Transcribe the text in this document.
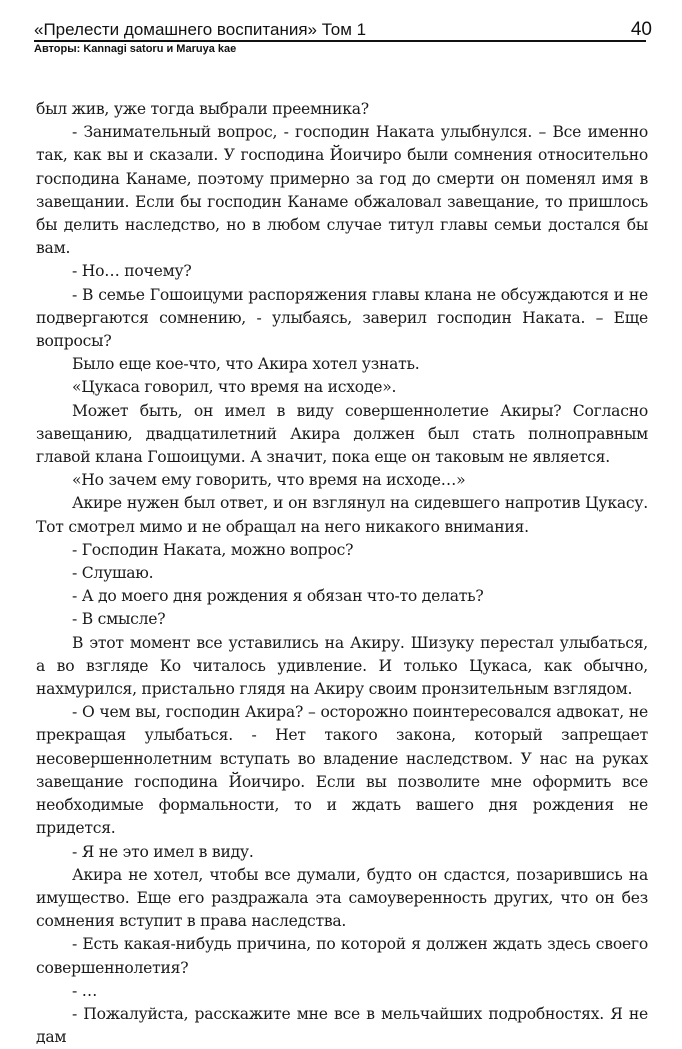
«Прелести домашнего воспитания» Том 1	40
Авторы: Kannagi satoru и Maruya kae

был жив, уже тогда выбрали преемника?

- Занимательный вопрос, - господин Наката улыбнулся. – Все именно так, как вы и сказали. У господина Йоичиро были сомнения относительно господина Канаме, поэтому примерно за год до смерти он поменял имя в завещании. Если бы господин Канаме обжаловал завещание, то пришлось бы делить наследство, но в любом случае титул главы семьи достался бы вам.

- Но… почему?

- В семье Гошоицуми распоряжения главы клана не обсуждаются и не подвергаются сомнению, - улыбаясь, заверил господин Наката. – Еще вопросы?

Было еще кое-что, что Акира хотел узнать.

«Цукаса говорил, что время на исходе».

Может быть, он имел в виду совершеннолетие Акиры? Согласно завещанию, двадцатилетний Акира должен был стать полноправным главой клана Гошоицуми. А значит, пока еще он таковым не является.

«Но зачем ему говорить, что время на исходе…»

Акире нужен был ответ, и он взглянул на сидевшего напротив Цукасу. Тот смотрел мимо и не обращал на него никакого внимания.

- Господин Наката, можно вопрос?

- Слушаю.

- А до моего дня рождения я обязан что-то делать?

- В смысле?

В этот момент все уставились на Акиру. Шизуку перестал улыбаться, а во взгляде Ко читалось удивление. И только Цукаса, как обычно, нахмурился, пристально глядя на Акиру своим пронзительным взглядом.

- О чем вы, господин Акира? – осторожно поинтересовался адвокат, не прекращая улыбаться. - Нет такого закона, который запрещает несовершеннолетним вступать во владение наследством. У нас на руках завещание господина Йоичиро. Если вы позволите мне оформить все необходимые формальности, то и ждать вашего дня рождения не придется.

- Я не это имел в виду.

Акира не хотел, чтобы все думали, будто он сдастся, позарившись на имущество. Еще его раздражала эта самоуверенность других, что он без сомнения вступит в права наследства.

- Есть какая-нибудь причина, по которой я должен ждать здесь своего совершеннолетия?

- …

- Пожалуйста, расскажите мне все в мельчайших подробностях. Я не дам
